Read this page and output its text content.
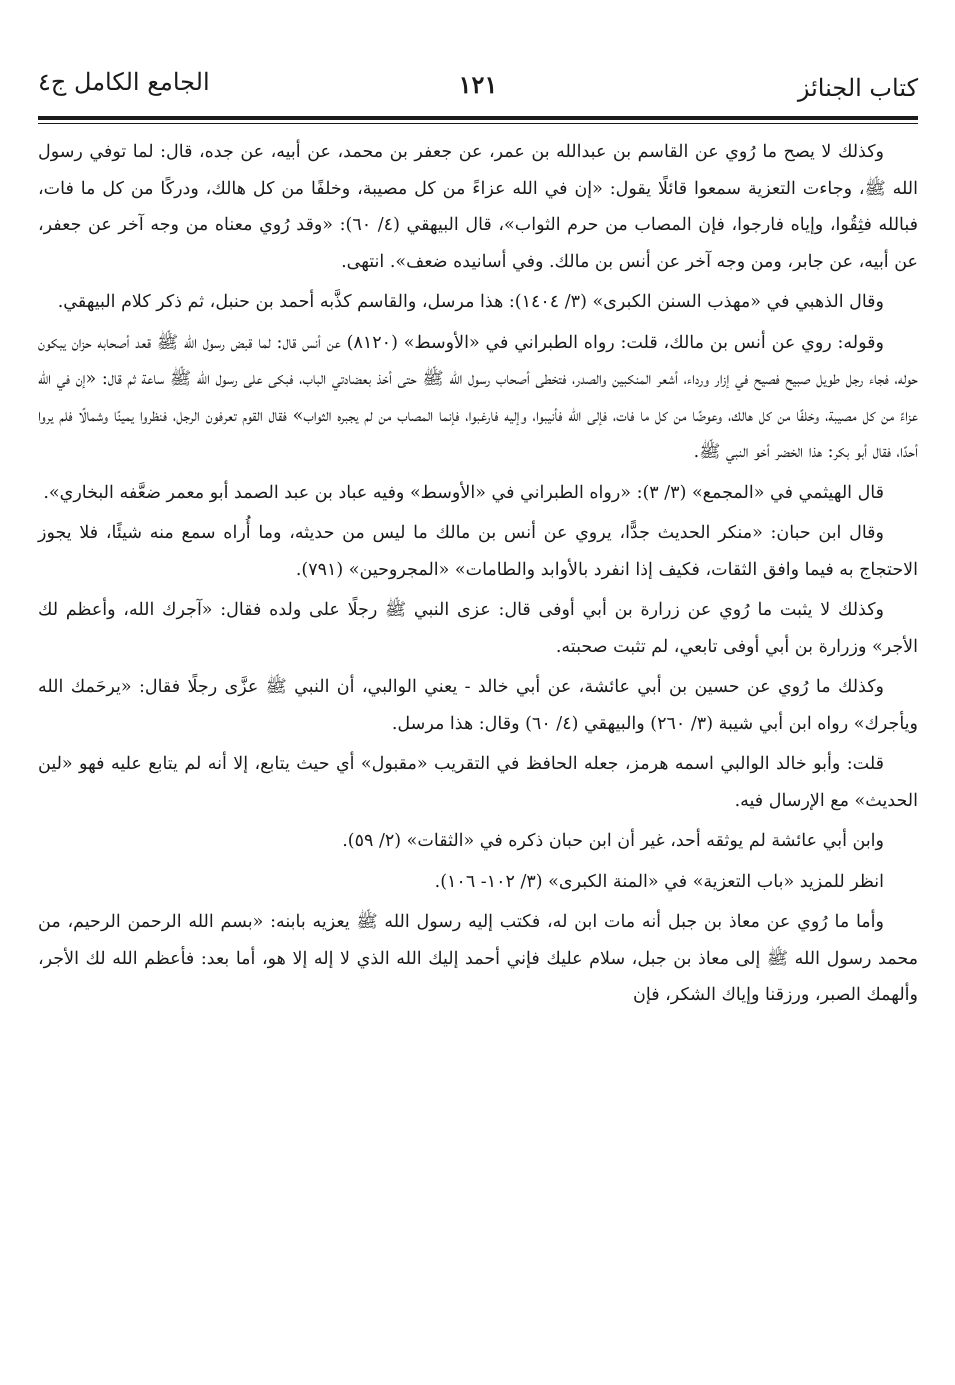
كتاب الجنائز
١٢١
الجامع الكامل ج٤

وكذلك لا يصح ما رُوي عن القاسم بن عبدالله بن عمر، عن جعفر بن محمد، عن أبيه، عن جده، قال: لما توفي رسول الله ﷺ، وجاءت التعزية سمعوا قائلًا يقول: «إن في الله عزاءً من كل مصيبة، وخلفًا من كل هالك، ودركًا من كل ما فات، فبالله فثِقُوا، وإياه فارجوا، فإن المصاب من حرم الثواب»، قال البيهقي (٤/ ٦٠): «وقد رُوي معناه من وجه آخر عن جعفر، عن أبيه، عن جابر، ومن وجه آخر عن أنس بن مالك. وفي أسانيده ضعف». انتهى.

وقال الذهبي في «مهذب السنن الكبرى» (٣/ ١٤٠٤): هذا مرسل، والقاسم كذَّبه أحمد بن حنبل، ثم ذكر كلام البيهقي.

وقوله: روي عن أنس بن مالك، قلت: رواه الطبراني في «الأوسط» (٨١٢٠) عن أنس قال: لما قبض رسول الله ﷺ قعد أصحابه حزان يبكون حوله، فجاء رجل طويل صبيح فصيح في إزار ورداء، أشعر المنكبين والصدر، فتخطى أصحاب رسول الله ﷺ حتى أخذ بعضادتي الباب، فبكى على رسول الله ﷺ ساعة ثم قال: «إن في الله عزاءً من كل مصيبة، وخلفًا من كل هالك، وعوضًا من كل ما فات، فإلى الله فأنيبوا، وإليه فارغبوا، فإنما المصاب من لم يجبره الثواب» فقال القوم تعرفون الرجل، فنظروا يمينًا وشمالًا فلم يروا أحدًا، فقال أبو بكر: هذا الخضر أخو النبي ﷺ.

قال الهيثمي في «المجمع» (٣/ ٣): «رواه الطبراني في «الأوسط» وفيه عباد بن عبد الصمد أبو معمر ضعَّفه البخاري».

وقال ابن حبان: «منكر الحديث جدًّا، يروي عن أنس بن مالك ما ليس من حديثه، وما أُراه سمع منه شيئًا، فلا يجوز الاحتجاج به فيما وافق الثقات، فكيف إذا انفرد بالأوابد والطامات» «المجروحين» (٧٩١).

وكذلك لا يثبت ما رُوي عن زرارة بن أبي أوفى قال: عزى النبي ﷺ رجلًا على ولده فقال: «آجرك الله، وأعظم لك الأجر» وزرارة بن أبي أوفى تابعي، لم تثبت صحبته.

وكذلك ما رُوي عن حسين بن أبي عائشة، عن أبي خالد - يعني الوالبي، أن النبي ﷺ عزَّى رجلًا فقال: «يرحَمك الله ويأجرك» رواه ابن أبي شيبة (٣/ ٢٦٠) والبيهقي (٤/ ٦٠) وقال: هذا مرسل.

قلت: وأبو خالد الوالبي اسمه هرمز، جعله الحافظ في التقريب «مقبول» أي حيث يتابع، إلا أنه لم يتابع عليه فهو «لين الحديث» مع الإرسال فيه.

وابن أبي عائشة لم يوثقه أحد، غير أن ابن حبان ذكره في «الثقات» (٢/ ٥٩).

انظر للمزيد «باب التعزية» في «المنة الكبرى» (٣/ ١٠٢- ١٠٦).

وأما ما رُوي عن معاذ بن جبل أنه مات ابن له، فكتب إليه رسول الله ﷺ يعزيه بابنه: «بسم الله الرحمن الرحيم، من محمد رسول الله ﷺ إلى معاذ بن جبل، سلام عليك فإني أحمد إليك الله الذي لا إله إلا هو، أما بعد: فأعظم الله لك الأجر، وألهمك الصبر، ورزقنا وإياك الشكر، فإن
